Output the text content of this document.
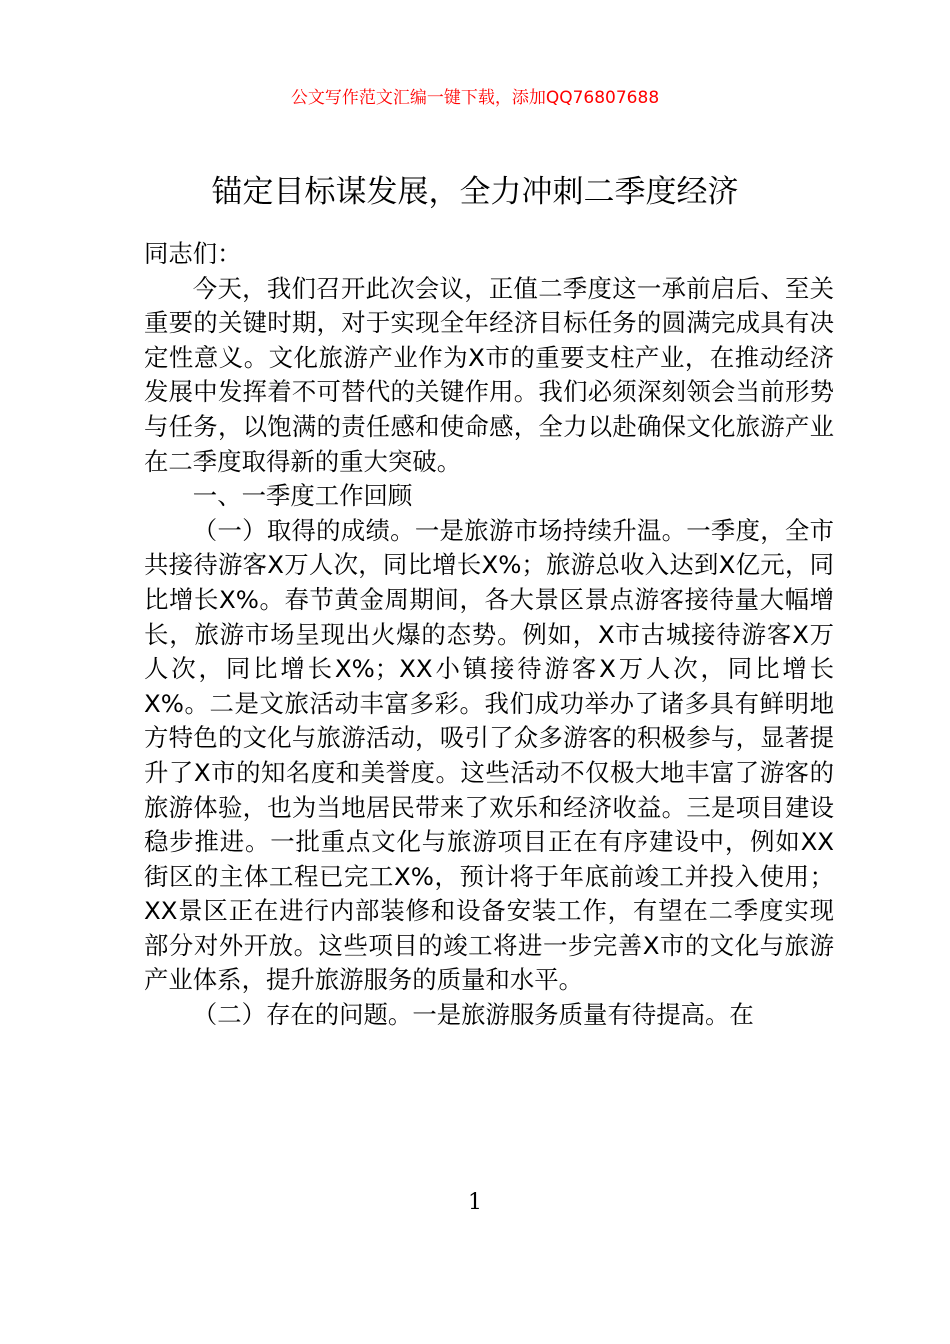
公文写作范文汇编一键下载，添加QQ76807688
锚定目标谋发展，全力冲刺二季度经济

同志们：

今天，我们召开此次会议，正值二季度这一承前启后、至关重要的关键时期，对于实现全年经济目标任务的圆满完成具有决定性意义。文化旅游产业作为X市的重要支柱产业，在推动经济发展中发挥着不可替代的关键作用。我们必须深刻领会当前形势与任务，以饱满的责任感和使命感，全力以赴确保文化旅游产业在二季度取得新的重大突破。

一、一季度工作回顾

（一）取得的成绩。一是旅游市场持续升温。一季度，全市共接待游客X万人次，同比增长X%；旅游总收入达到X亿元，同比增长X%。春节黄金周期间，各大景区景点游客接待量大幅增长，旅游市场呈现出火爆的态势。例如，X市古城接待游客X万人次，同比增长X%；XX小镇接待游客X万人次，同比增长X%。二是文旅活动丰富多彩。我们成功举办了诸多具有鲜明地方特色的文化与旅游活动，吸引了众多游客的积极参与，显著提升了X市的知名度和美誉度。这些活动不仅极大地丰富了游客的旅游体验，也为当地居民带来了欢乐和经济收益。三是项目建设稳步推进。一批重点文化与旅游项目正在有序建设中，例如XX街区的主体工程已完工X%，预计将于年底前竣工并投入使用；XX景区正在进行内部装修和设备安装工作，有望在二季度实现部分对外开放。这些项目的竣工将进一步完善X市的文化与旅游产业体系，提升旅游服务的质量和水平。

（二）存在的问题。一是旅游服务质量有待提高。在

1
